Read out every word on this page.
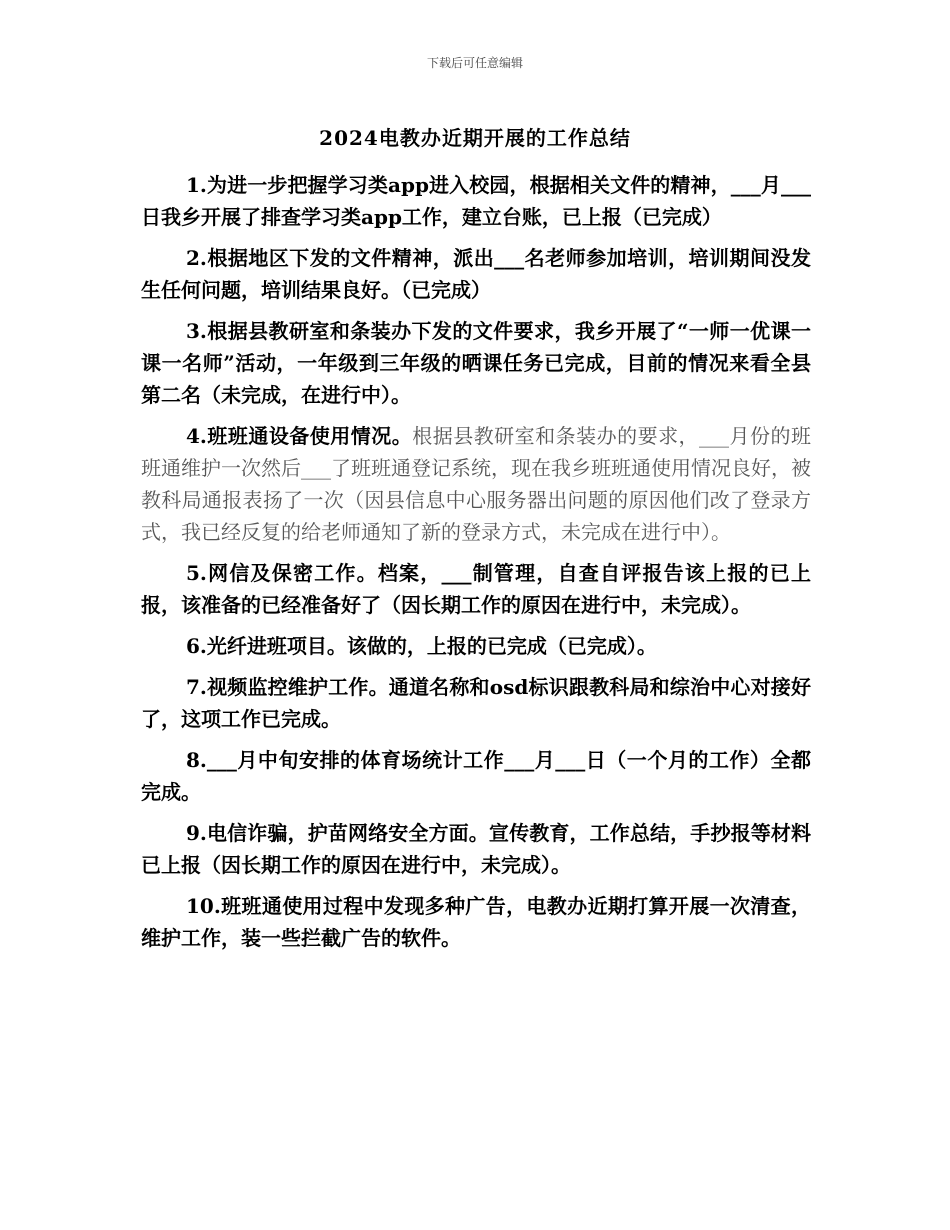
下载后可任意编辑
2024电教办近期开展的工作总结

1.为进一步把握学习类app进入校园，根据相关文件的精神，___月___日我乡开展了排查学习类app工作，建立台账，已上报（已完成）

2.根据地区下发的文件精神，派出___名老师参加培训，培训期间没发生任何问题，培训结果良好。（已完成）

3.根据县教研室和条装办下发的文件要求，我乡开展了“一师一优课一课一名师”活动，一年级到三年级的晒课任务已完成，目前的情况来看全县第二名（未完成，在进行中）。

4.班班通设备使用情况。根据县教研室和条装办的要求，___月份的班班通维护一次然后___了班班通登记系统，现在我乡班班通使用情况良好，被教科局通报表扬了一次（因县信息中心服务器出问题的原因他们改了登录方式，我已经反复的给老师通知了新的登录方式，未完成在进行中）。

5.网信及保密工作。档案，___制管理，自查自评报告该上报的已上报，该准备的已经准备好了（因长期工作的原因在进行中，未完成）。

6.光纤进班项目。该做的，上报的已完成（已完成）。

7.视频监控维护工作。通道名称和osd标识跟教科局和综治中心对接好了，这项工作已完成。

8.___月中旬安排的体育场统计工作___月___日（一个月的工作）全都完成。

9.电信诈骗，护苗网络安全方面。宣传教育，工作总结，手抄报等材料已上报（因长期工作的原因在进行中，未完成）。

10.班班通使用过程中发现多种广告，电教办近期打算开展一次清查，维护工作，装一些拦截广告的软件。
